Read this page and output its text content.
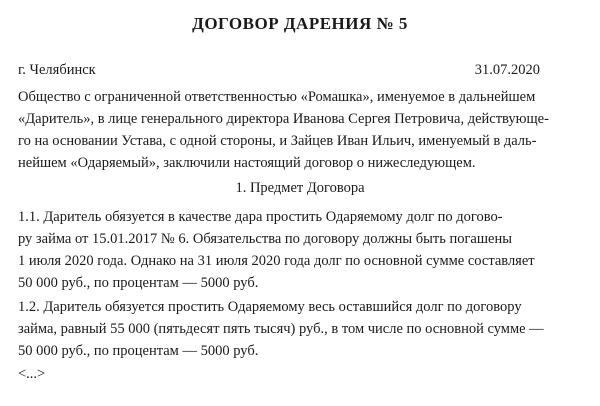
ДОГОВОР ДАРЕНИЯ № 5
г. Челябинск	31.07.2020

Общество с ограниченной ответственностью «Ромашка», именуемое в дальнейшем
«Даритель», в лице генерального директора Иванова Сергея Петровича, действующе-
го на основании Устава, с одной стороны, и Зайцев Иван Ильич, именуемый в даль-
нейшем «Одаряемый», заключили настоящий договор о нижеследующем.

1. Предмет Договора

1.1. Даритель обязуется в качестве дара простить Одаряемому долг по догово-
ру займа от 15.01.2017 № 6. Обязательства по договору должны быть погашены
1 июля 2020 года. Однако на 31 июля 2020 года долг по основной сумме составляет
50 000 руб., по процентам — 5000 руб.

1.2. Даритель обязуется простить Одаряемому весь оставшийся долг по договору
займа, равный 55 000 (пятьдесят пять тысяч) руб., в том числе по основной сумме —
50 000 руб., по процентам — 5000 руб.

<...>
